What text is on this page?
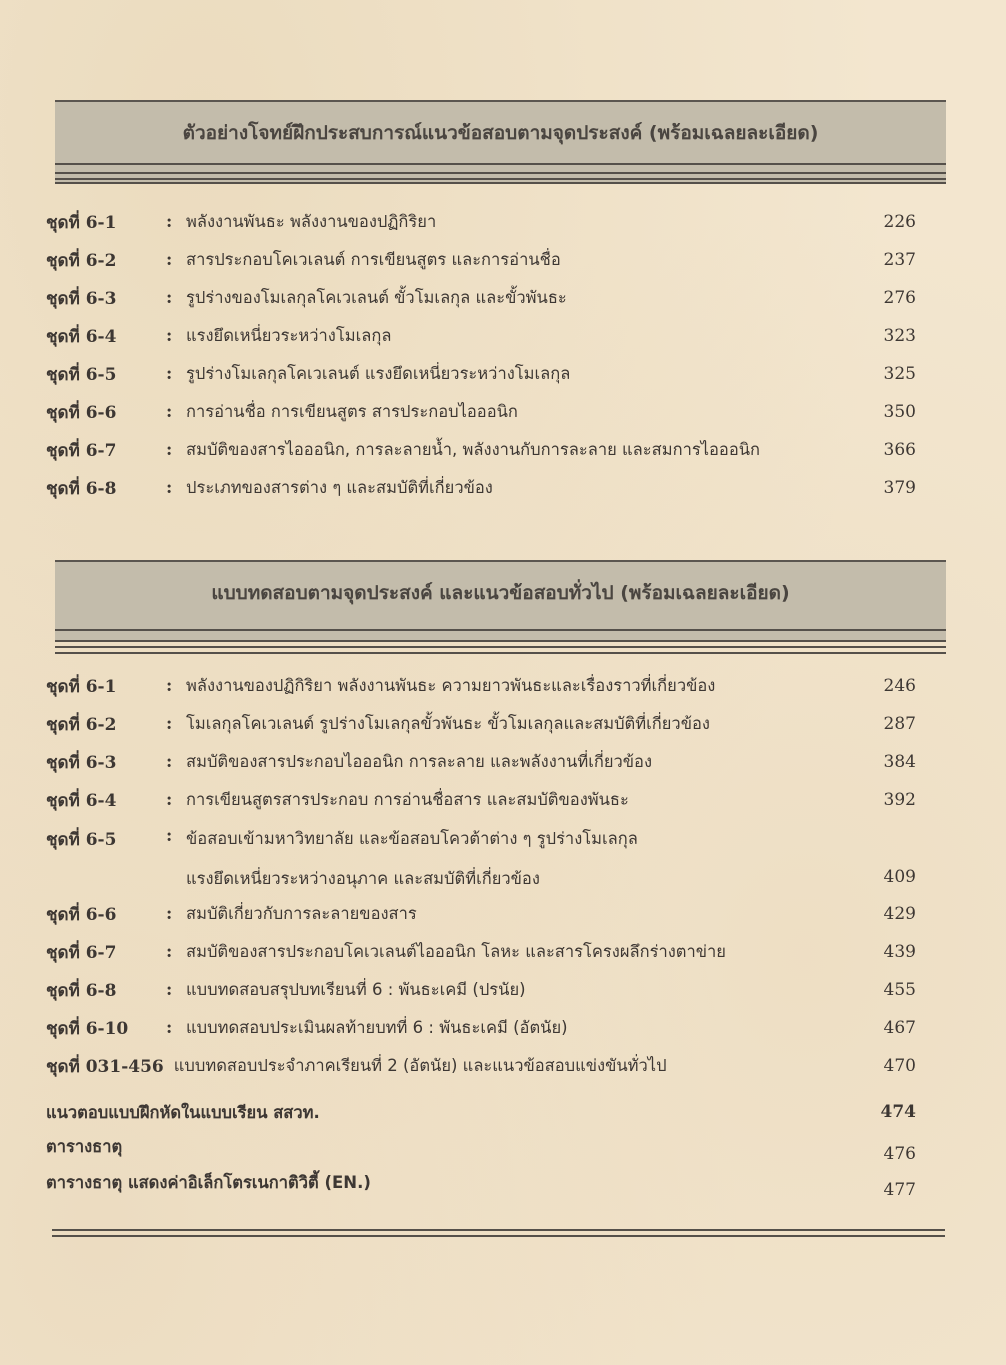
ตัวอย่างโจทย์ฝึกประสบการณ์แนวข้อสอบตามจุดประสงค์ (พร้อมเฉลยละเอียด)
ชุดที่ 6-1	: พลังงานพันธะ พลังงานของปฏิกิริยา	226
ชุดที่ 6-2	: สารประกอบโคเวเลนต์ การเขียนสูตร และการอ่านชื่อ	237
ชุดที่ 6-3	: รูปร่างของโมเลกุลโคเวเลนต์ ขั้วโมเลกุล และขั้วพันธะ	276
ชุดที่ 6-4	: แรงยึดเหนี่ยวระหว่างโมเลกุล	323
ชุดที่ 6-5	: รูปร่างโมเลกุลโคเวเลนต์ แรงยึดเหนี่ยวระหว่างโมเลกุล	325
ชุดที่ 6-6	: การอ่านชื่อ การเขียนสูตร สารประกอบไอออนิก	350
ชุดที่ 6-7	: สมบัติของสารไอออนิก, การละลายน้ำ, พลังงานกับการละลาย และสมการไอออนิก	366
ชุดที่ 6-8	: ประเภทของสารต่าง ๆ และสมบัติที่เกี่ยวข้อง	379
แบบทดสอบตามจุดประสงค์ และแนวข้อสอบทั่วไป (พร้อมเฉลยละเอียด)
ชุดที่ 6-1	: พลังงานของปฏิกิริยา พลังงานพันธะ ความยาวพันธะและเรื่องราวที่เกี่ยวข้อง	246
ชุดที่ 6-2	: โมเลกุลโคเวเลนต์ รูปร่างโมเลกุลขั้วพันธะ ขั้วโมเลกุลและสมบัติที่เกี่ยวข้อง	287
ชุดที่ 6-3	: สมบัติของสารประกอบไอออนิก การละลาย และพลังงานที่เกี่ยวข้อง	384
ชุดที่ 6-4	: การเขียนสูตรสารประกอบ การอ่านชื่อสาร และสมบัติของพันธะ	392
ชุดที่ 6-5	: ข้อสอบเข้ามหาวิทยาลัย และข้อสอบโควต้าต่าง ๆ รูปร่างโมเลกุล
แรงยึดเหนี่ยวระหว่างอนุภาค และสมบัติที่เกี่ยวข้อง	409
ชุดที่ 6-6	: สมบัติเกี่ยวกับการละลายของสาร	429
ชุดที่ 6-7	: สมบัติของสารประกอบโคเวเลนต์ไอออนิก โลหะ และสารโครงผลึกร่างตาข่าย	439
ชุดที่ 6-8	: แบบทดสอบสรุปบทเรียนที่ 6 : พันธะเคมี (ปรนัย)	455
ชุดที่ 6-10	: แบบทดสอบประเมินผลท้ายบทที่ 6 : พันธะเคมี (อัตนัย)	467
ชุดที่ 031-456 แบบทดสอบประจำภาคเรียนที่ 2 (อัตนัย) และแนวข้อสอบแข่งขันทั่วไป	470
แนวตอบแบบฝึกหัดในแบบเรียน สสวท.	474
ตารางธาตุ	476
ตารางธาตุ แสดงค่าอิเล็กโตรเนกาติวิตี้ (EN.)	477
